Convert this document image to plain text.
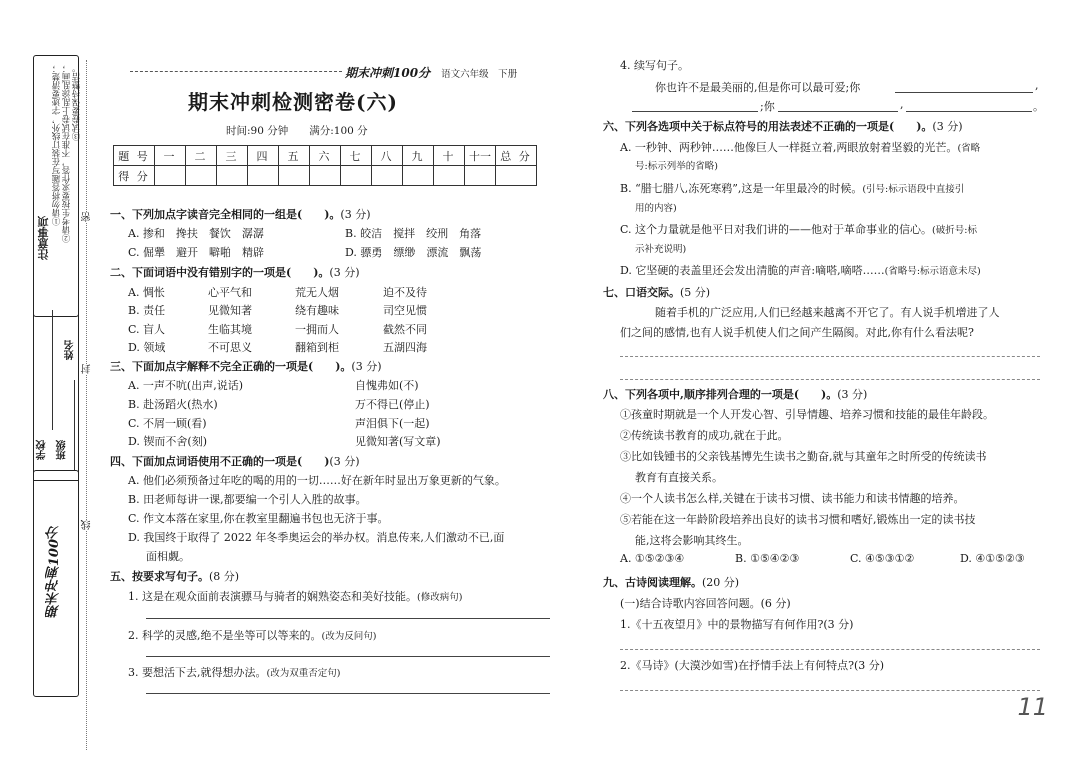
注意事项
①请勿将答题写在装订线外，字迹要清楚； ②请考生按要求作答，不准在试卷上乱涂乱画； ③试卷要保持整洁。
学校 班级
姓名
期末冲刺100分
密
封
线
期末冲刺100分 语文六年级　下册
期末冲刺检测密卷(六)
时间:90 分钟　　满分:100 分
题 号	一	二	三	四	五	六	七	八	九	十	十一	总 分
得 分												
一、下列加点字读音完全相同的一组是(　　)。(3 分)
A. 掺和　搀扶　餐饮　潺潺	B. 皎洁　搅拌　绞刑　角落
C. 倔犟　避开　噼啪　精辟	D. 骠勇　缥缈　漂流　飘荡
二、下面词语中没有错别字的一项是(　　)。(3 分)
A. 惆怅	心平气和	荒无人烟	迫不及待
B. 责任	见微知著	绕有趣味	司空见惯
C. 盲人	生临其境	一拥而人	截然不同
D. 领域	不可思义	翻箱到柜	五湖四海
三、下面加点字解释不完全正确的一项是(　　)。(3 分)
A. 一声不吭(出声,说话)	自愧弗如(不)
B. 赴汤蹈火(热水)	万不得已(停止)
C. 不屑一顾(看)	声泪俱下(一起)
D. 锲而不舍(刻)	见微知著(写文章)
四、下面加点词语使用不正确的一项是(　　)(3 分)
A. 他们必须预备过年吃的喝的用的一切……好在新年时显出万象更新的气象。
B. 田老师每讲一课,都要编一个引人入胜的故事。
C. 作文本落在家里,你在教室里翻遍书包也无济于事。
D. 我国终于取得了 2022 年冬季奥运会的举办权。消息传来,人们激动不已,面
面相觑。
五、按要求写句子。(8 分)
1. 这是在观众面前表演骠马与骑者的娴熟姿态和美好技能。(修改病句)
2. 科学的灵感,绝不是坐等可以等来的。(改为反问句)
3. 要想活下去,就得想办法。(改为双重否定句)
4. 续写句子。
你也许不是最美丽的,但是你可以最可爱;你	,
;你	,	。
六、下列各选项中关于标点符号的用法表述不正确的一项是(　　)。(3 分)
A. 一秒钟、两秒钟……他像巨人一样挺立着,两眼放射着坚毅的光芒。(省略
号:标示列举的省略)
B. “腊七腊八,冻死寒鸦”,这是一年里最冷的时候。(引号:标示语段中直接引
用的内容)
C. 这个力量就是他平日对我们讲的——他对于革命事业的信心。(破折号:标
示补充说明)
D. 它坚硬的表盖里还会发出清脆的声音:嘀嗒,嘀嗒……(省略号:标示语意未尽)
七、口语交际。(5 分)
随着手机的广泛应用,人们已经越来越离不开它了。有人说手机增进了人
们之间的感情,也有人说手机使人们之间产生隔阂。对此,你有什么看法呢?
八、下列各项中,顺序排列合理的一项是(　　)。(3 分)
①孩童时期就是一个人开发心智、引导情趣、培养习惯和技能的最佳年龄段。
②传统读书教育的成功,就在于此。
③比如钱锺书的父亲钱基博先生读书之勤奋,就与其童年之时所受的传统读书
教育有直接关系。
④一个人读书怎么样,关键在于读书习惯、读书能力和读书情趣的培养。
⑤若能在这一年龄阶段培养出良好的读书习惯和嗜好,锻炼出一定的读书技
能,这将会影响其终生。
A. ①⑤②③④	B. ①⑤④②③	C. ④⑤③①②	D. ④①⑤②③
九、古诗阅读理解。(20 分)
(一)结合诗歌内容回答问题。(6 分)
1.《十五夜望月》中的景物描写有何作用?(3 分)
2.《马诗》(大漠沙如雪)在抒情手法上有何特点?(3 分)
11
